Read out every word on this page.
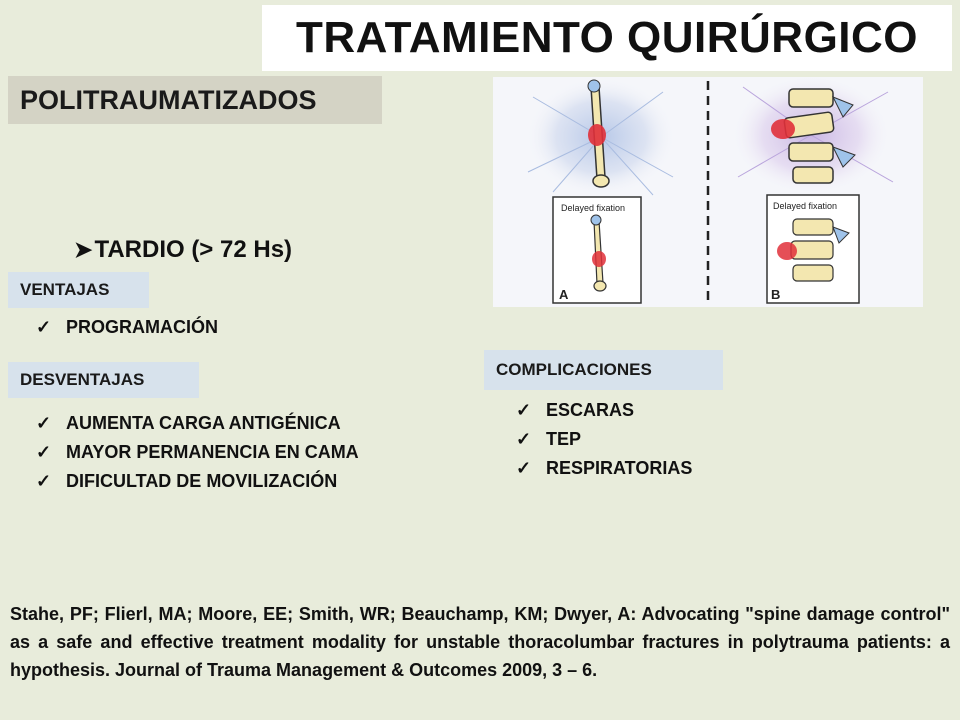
TRATAMIENTO QUIRÚRGICO
POLITRAUMATIZADOS
➤ TARDIO (> 72 Hs)
VENTAJAS
✓ PROGRAMACIÓN
DESVENTAJAS
✓ AUMENTA CARGA ANTIGÉNICA
✓ MAYOR PERMANENCIA EN CAMA
✓ DIFICULTAD DE MOVILIZACIÓN
COMPLICACIONES
✓ ESCARAS
✓ TEP
✓ RESPIRATORIAS
Delayed fixation
A
Delayed fixation
B
Stahe, PF; Flierl, MA; Moore, EE; Smith, WR; Beauchamp, KM; Dwyer, A: Advocating "spine damage control" as a safe and effective treatment modality for unstable thoracolumbar fractures in polytrauma patients: a hypothesis. Journal of Trauma Management & Outcomes 2009, 3 – 6.
